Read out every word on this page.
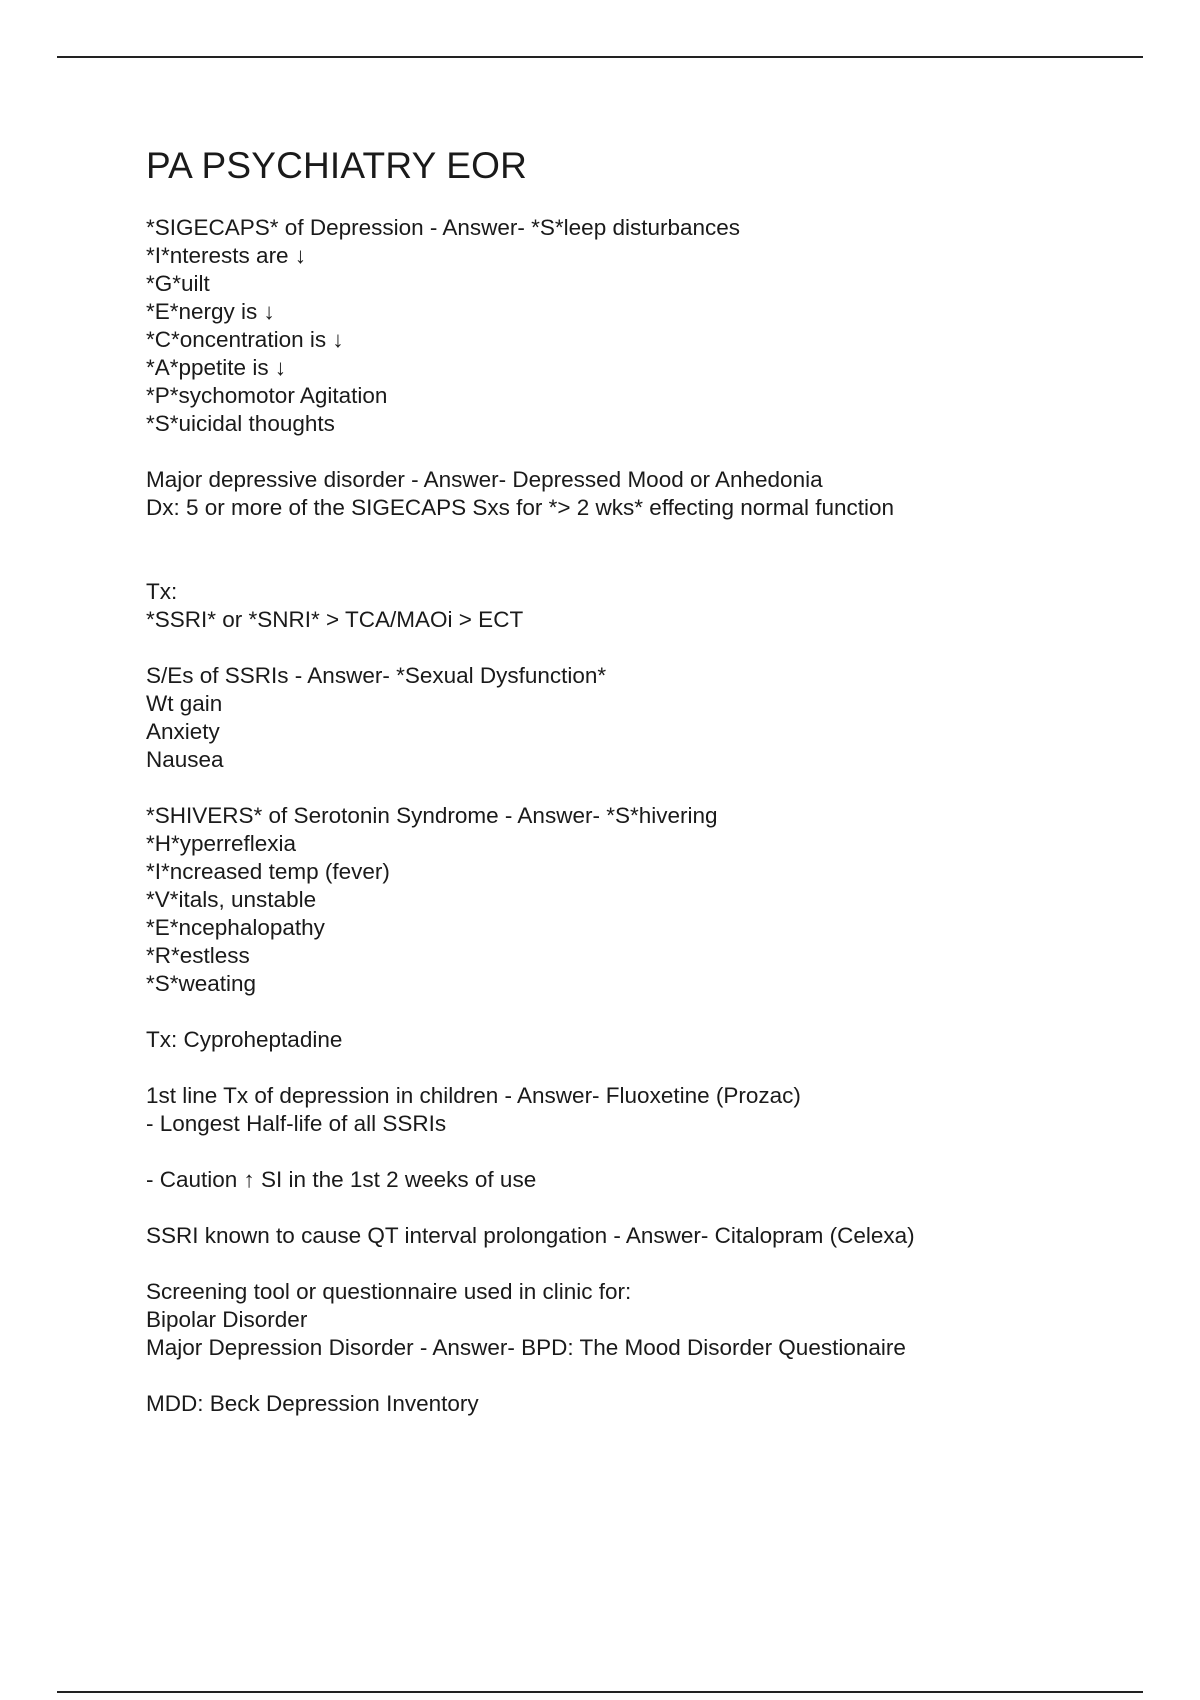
PA PSYCHIATRY EOR
*SIGECAPS* of Depression - Answer- *S*leep disturbances
*I*nterests are ↓
*G*uilt
*E*nergy is ↓
*C*oncentration is ↓
*A*ppetite is ↓
*P*sychomotor Agitation
*S*uicidal thoughts
Major depressive disorder - Answer- Depressed Mood or Anhedonia
Dx: 5 or more of the SIGECAPS Sxs for *> 2 wks* effecting normal function
Tx:
*SSRI* or *SNRI* > TCA/MAOi > ECT
S/Es of SSRIs - Answer- *Sexual Dysfunction*
Wt gain
Anxiety
Nausea
*SHIVERS* of Serotonin Syndrome - Answer- *S*hivering
*H*yperreflexia
*I*ncreased temp (fever)
*V*itals, unstable
*E*ncephalopathy
*R*estless
*S*weating
Tx: Cyproheptadine
1st line Tx of depression in children - Answer- Fluoxetine (Prozac)
- Longest Half-life of all SSRIs
- Caution ↑ SI in the 1st 2 weeks of use
SSRI known to cause QT interval prolongation - Answer- Citalopram (Celexa)
Screening tool or questionnaire used in clinic for:
Bipolar Disorder
Major Depression Disorder - Answer- BPD: The Mood Disorder Questionaire
MDD: Beck Depression Inventory
